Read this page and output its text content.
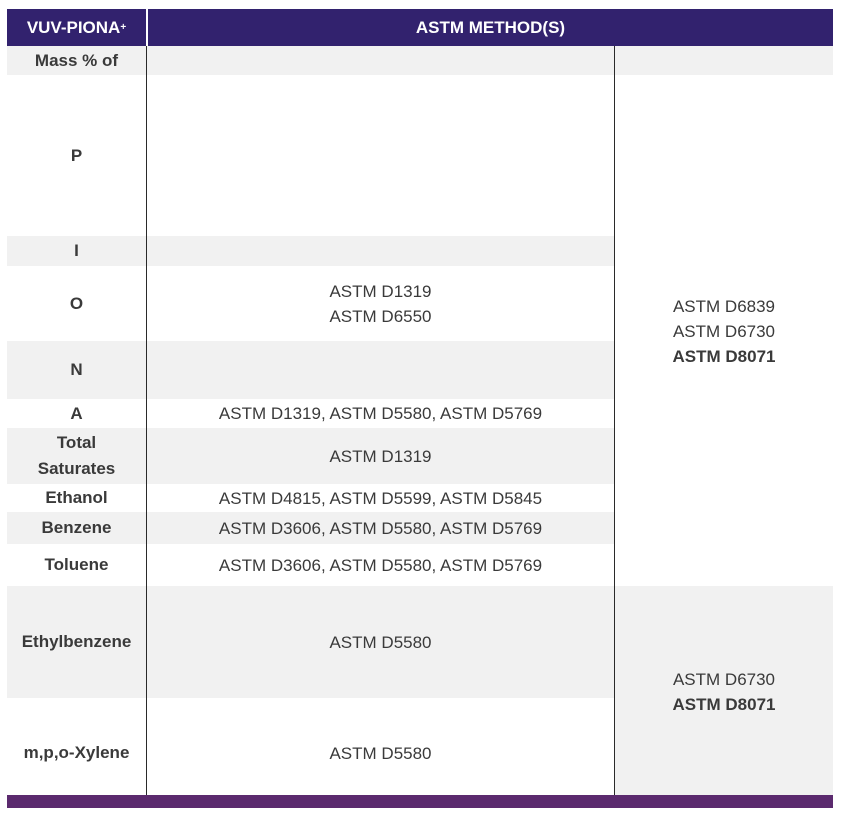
VUV-PIONA +	ASTM METHOD(S)
Mass % of
P
I
O
N
A
Total
Saturates
Ethanol
Benzene
Toluene
Ethylbenzene
m,p,o-Xylene
ASTM D1319
ASTM D6550
ASTM D1319, ASTM D5580, ASTM D5769
ASTM D1319
ASTM D4815, ASTM D5599, ASTM D5845
ASTM D3606, ASTM D5580, ASTM D5769
ASTM D3606, ASTM D5580, ASTM D5769
ASTM D5580
ASTM D5580
ASTM D6839
ASTM D6730
ASTM D8071
ASTM D6730
ASTM D8071
